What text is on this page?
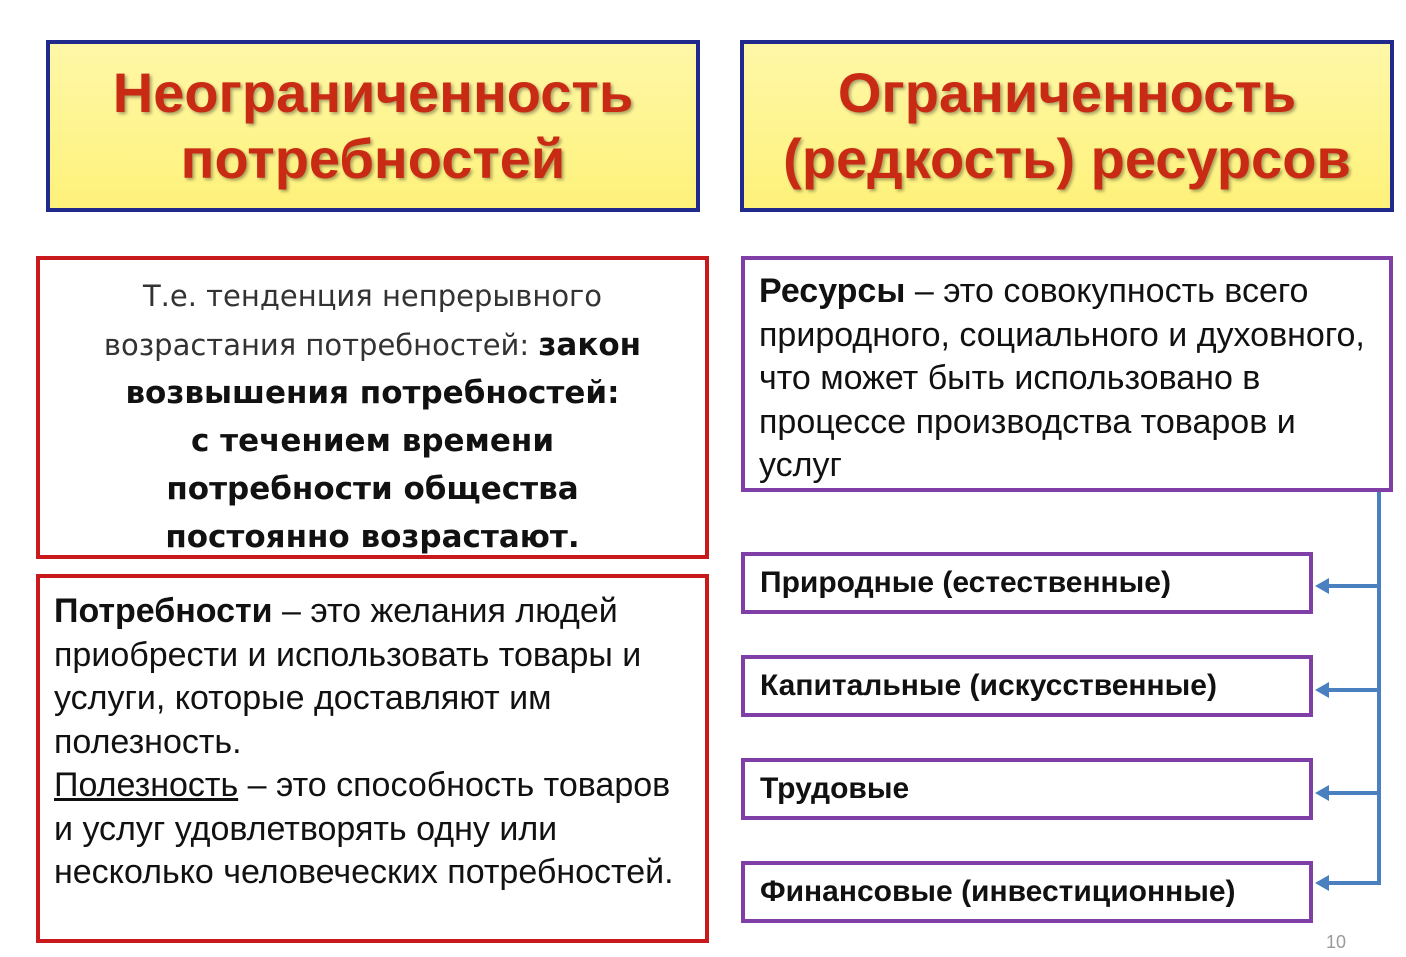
Неограниченность
потребностей
Ограниченность
(редкость) ресурсов
Т.е. тенденция непрерывного
возрастания потребностей: закон
возвышения потребностей:
с течением времени
потребности общества
постоянно возрастают.
Потребности – это желания людей приобрести и использовать товары и услуги, которые доставляют им полезность.
Полезность – это способность товаров и услуг удовлетворять одну или несколько человеческих потребностей.
Ресурсы – это совокупность всего природного, социального и духовного, что может быть использовано в процессе производства товаров и услуг
Природные (естественные)
Капитальные (искусственные)
Трудовые
Финансовые (инвестиционные)
10
